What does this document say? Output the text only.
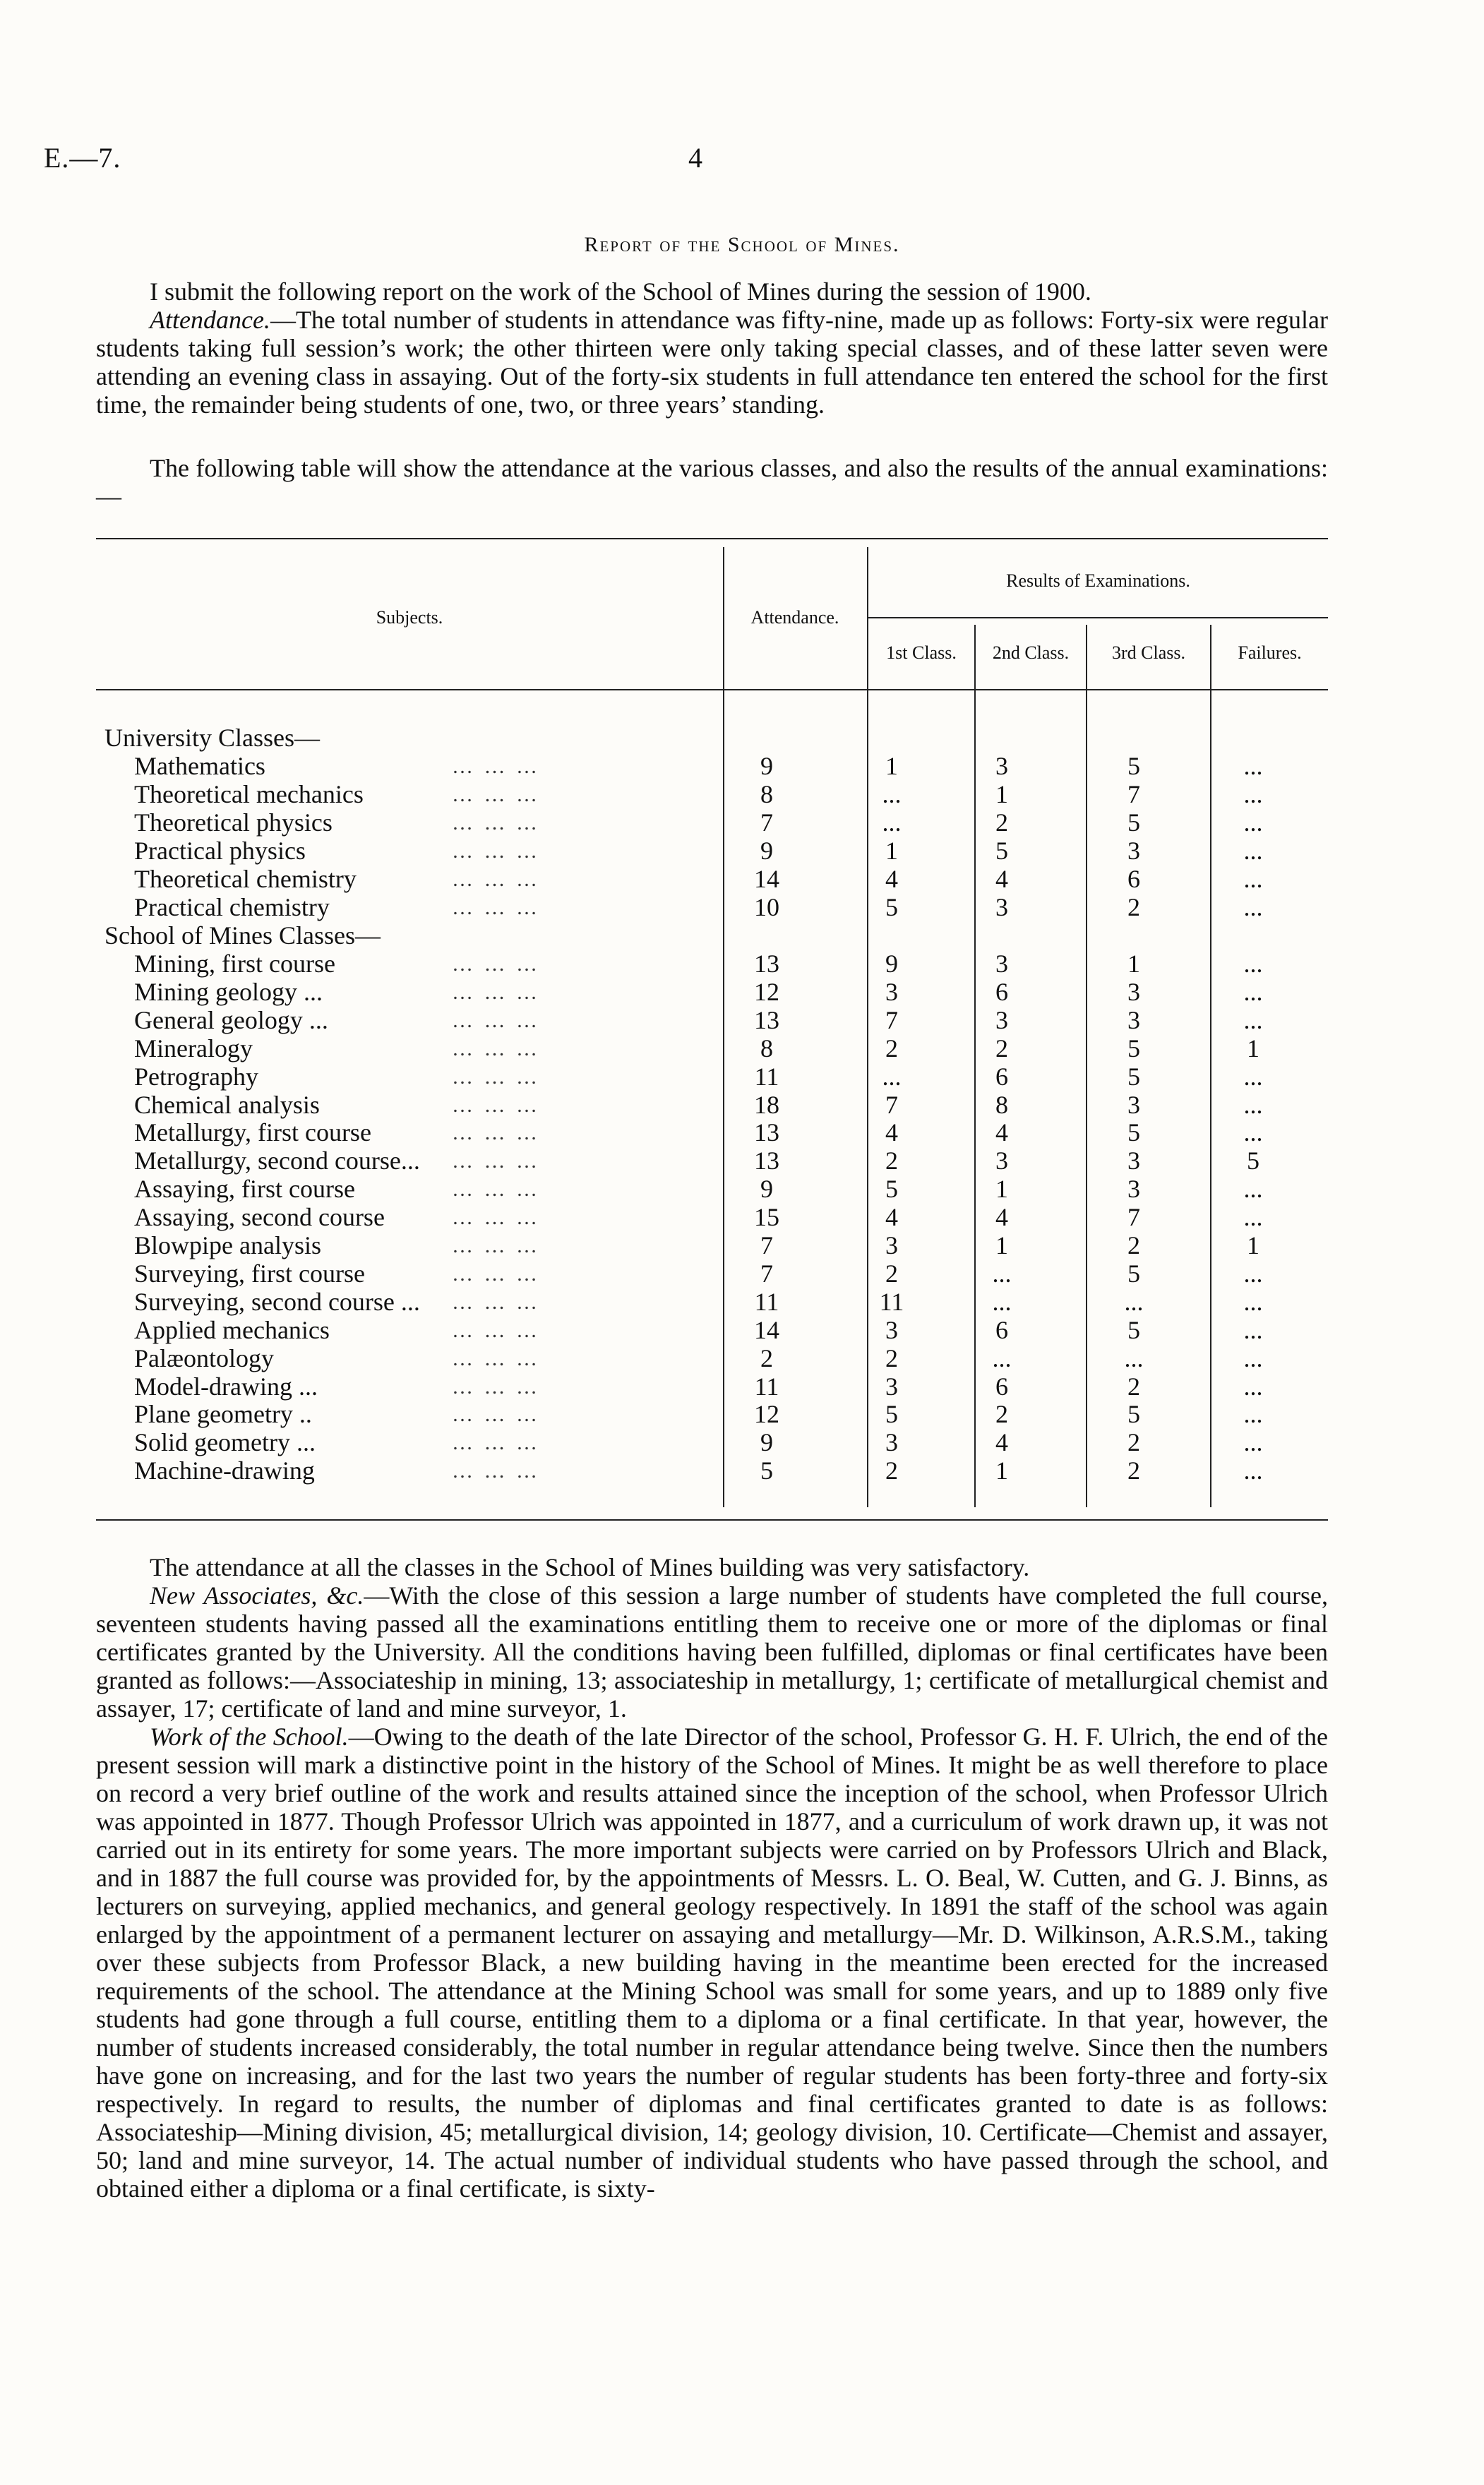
E.—7.	4
Report of the School of Mines.
I submit the following report on the work of the School of Mines during the session of 1900.
Attendance.—The total number of students in attendance was fifty-nine, made up as follows: Forty-six were regular students taking full session’s work; the other thirteen were only taking special classes, and of these latter seven were attending an evening class in assaying. Out of the forty-six students in full attendance ten entered the school for the first time, the remainder being students of one, two, or three years’ standing.
The following table will show the attendance at the various classes, and also the results of the annual examinations:—
Subjects.	Attendance.
Results of Examinations.
1st Class.	2nd Class.	3rd Class.	Failures.
University Classes—
Mathematics	… … …	9	1	3	5	...
Theoretical mechanics	… … …	8	...	1	7	...
Theoretical physics	… … …	7	...	2	5	...
Practical physics	… … …	9	1	5	3	...
Theoretical chemistry	… … …	14	4	4	6	...
Practical chemistry	… … …	10	5	3	2	...
School of Mines Classes—
Mining, first course	… … …	13	9	3	1	...
Mining geology ...	… … …	12	3	6	3	...
General geology ...	… … …	13	7	3	3	...
Mineralogy	… … …	8	2	2	5	1
Petrography	… … …	11	...	6	5	...
Chemical analysis	… … …	18	7	8	3	...
Metallurgy, first course	… … …	13	4	4	5	...
Metallurgy, second course... … … …	13	2	3	3	5
Assaying, first course	… … …	9	5	1	3	...
Assaying, second course	… … …	15	4	4	7	...
Blowpipe analysis	… … …	7	3	1	2	1
Surveying, first course	… … …	7	2	...	5	...
Surveying, second course ... … … …	11	11	...	...	...
Applied mechanics	… … …	14	3	6	5	...
Palæontology	… … …	2	2	...	...	...
Model-drawing ...	… … …	11	3	6	2	...
Plane geometry ..	… … …	12	5	2	5	...
Solid geometry ...	… … …	9	3	4	2	...
Machine-drawing	… … …	5	2	1	2	...

The attendance at all the classes in the School of Mines building was very satisfactory.

New Associates, &c.—With the close of this session a large number of students have completed the full course, seventeen students having passed all the examinations entitling them to receive one or more of the diplomas or final certificates granted by the University. All the conditions having been fulfilled, diplomas or final certificates have been granted as follows:—Associateship in mining, 13; associateship in metallurgy, 1; certificate of metallurgical chemist and assayer, 17; certificate of land and mine surveyor, 1.

Work of the School.—Owing to the death of the late Director of the school, Professor G. H. F. Ulrich, the end of the present session will mark a distinctive point in the history of the School of Mines. It might be as well therefore to place on record a very brief outline of the work and results attained since the inception of the school, when Professor Ulrich was appointed in 1877. Though Professor Ulrich was appointed in 1877, and a curriculum of work drawn up, it was not carried out in its entirety for some years. The more important subjects were carried on by Professors Ulrich and Black, and in 1887 the full course was provided for, by the appointments of Messrs. L. O. Beal, W. Cutten, and G. J. Binns, as lecturers on surveying, applied mechanics, and general geology respectively. In 1891 the staff of the school was again enlarged by the appointment of a permanent lecturer on assaying and metallurgy—Mr. D. Wilkinson, A.R.S.M., taking over these subjects from Professor Black, a new building having in the meantime been erected for the increased requirements of the school. The attendance at the Mining School was small for some years, and up to 1889 only five students had gone through a full course, entitling them to a diploma or a final certificate. In that year, however, the number of students increased considerably, the total number in regular attendance being twelve. Since then the numbers have gone on increasing, and for the last two years the number of regular students has been forty-three and forty-six respectively. In regard to results, the number of diplomas and final certificates granted to date is as follows: Associateship—Mining division, 45; metallurgical division, 14; geology division, 10. Certificate—Chemist and assayer, 50; land and mine surveyor, 14. The actual number of individual students who have passed through the school, and obtained either a diploma or a final certificate, is sixty-
